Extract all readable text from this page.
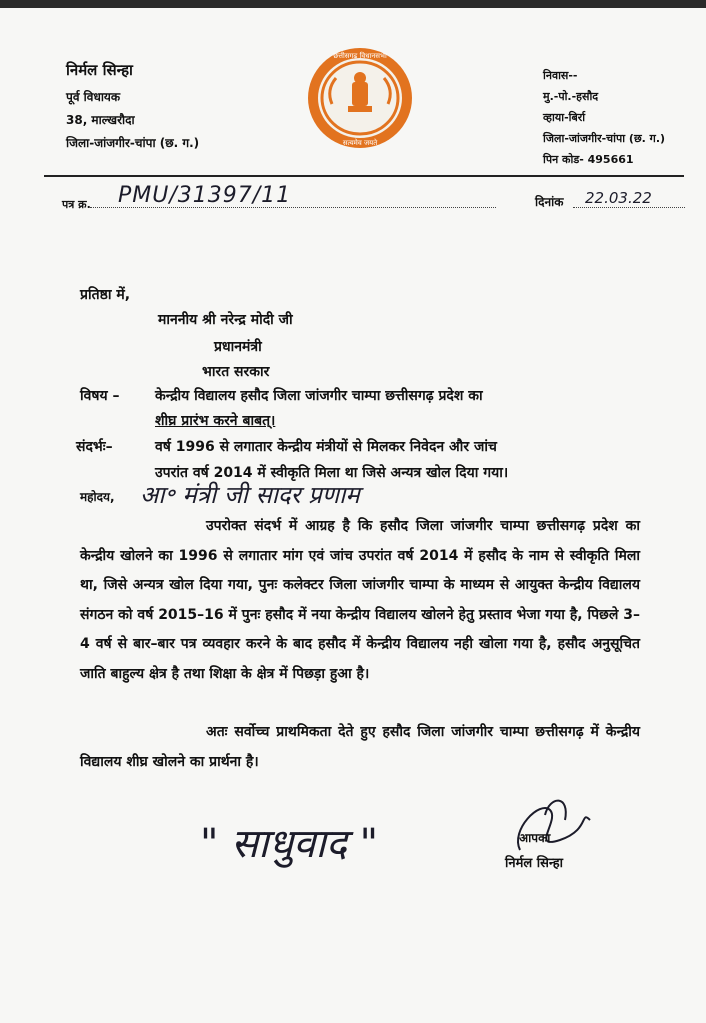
निर्मल सिन्हा
पूर्व विधायक
38, माल्खरौदा
जिला-जांजगीर-चांपा (छ. ग.)
छत्तीसगढ़ विधानसभा
सत्यमेव जयते
निवास--
मु.-पो.-हसौद
व्हाया-बिर्रा
जिला-जांजगीर-चांपा (छ. ग.)
पिन कोड- 495661
पत्र क्र. PMU/31397/11	दिनांक 22.03.22
प्रतिष्ठा में,
माननीय श्री नरेन्द्र मोदी जी
प्रधानमंत्री
भारत सरकार
विषय –	केन्द्रीय विद्यालय हसौद जिला जांजगीर चाम्पा छत्तीसगढ़ प्रदेश का
शीघ्र प्रारंभ करने बाबत्।
संदर्भः–	वर्ष 1996 से लगातार केन्द्रीय मंत्रीयों से मिलकर निवेदन और जांच
उपरांत वर्ष 2014 में स्वीकृति मिला था जिसे अन्यत्र खोल दिया गया।
महोदय, आ॰ मंत्री जी सादर प्रणाम
उपरोक्त संदर्भ में आग्रह है कि हसौद जिला जांजगीर चाम्पा छत्तीसगढ़ प्रदेश का केन्द्रीय खोलने का 1996 से लगातार मांग एवं जांच उपरांत वर्ष 2014 में हसौद के नाम से स्वीकृति मिला था, जिसे अन्यत्र खोल दिया गया, पुनः कलेक्टर जिला जांजगीर चाम्पा के माध्यम से आयुक्त केन्द्रीय विद्यालय संगठन को वर्ष 2015–16 में पुनः हसौद में नया केन्द्रीय विद्यालय खोलने हेतु प्रस्ताव भेजा गया है, पिछले 3–4 वर्ष से बार–बार पत्र व्यवहार करने के बाद हसौद में केन्द्रीय विद्यालय नही खोला गया है, हसौद अनुसूचित जाति बाहुल्य क्षेत्र है तथा शिक्षा के क्षेत्र में पिछड़ा हुआ है।
अतः सर्वोच्च प्राथमिकता देते हुए हसौद जिला जांजगीर चाम्पा छत्तीसगढ़ में केन्द्रीय विद्यालय शीघ्र खोलने का प्रार्थना है।
" साधुवाद "	आपका
निर्मल सिन्हा
